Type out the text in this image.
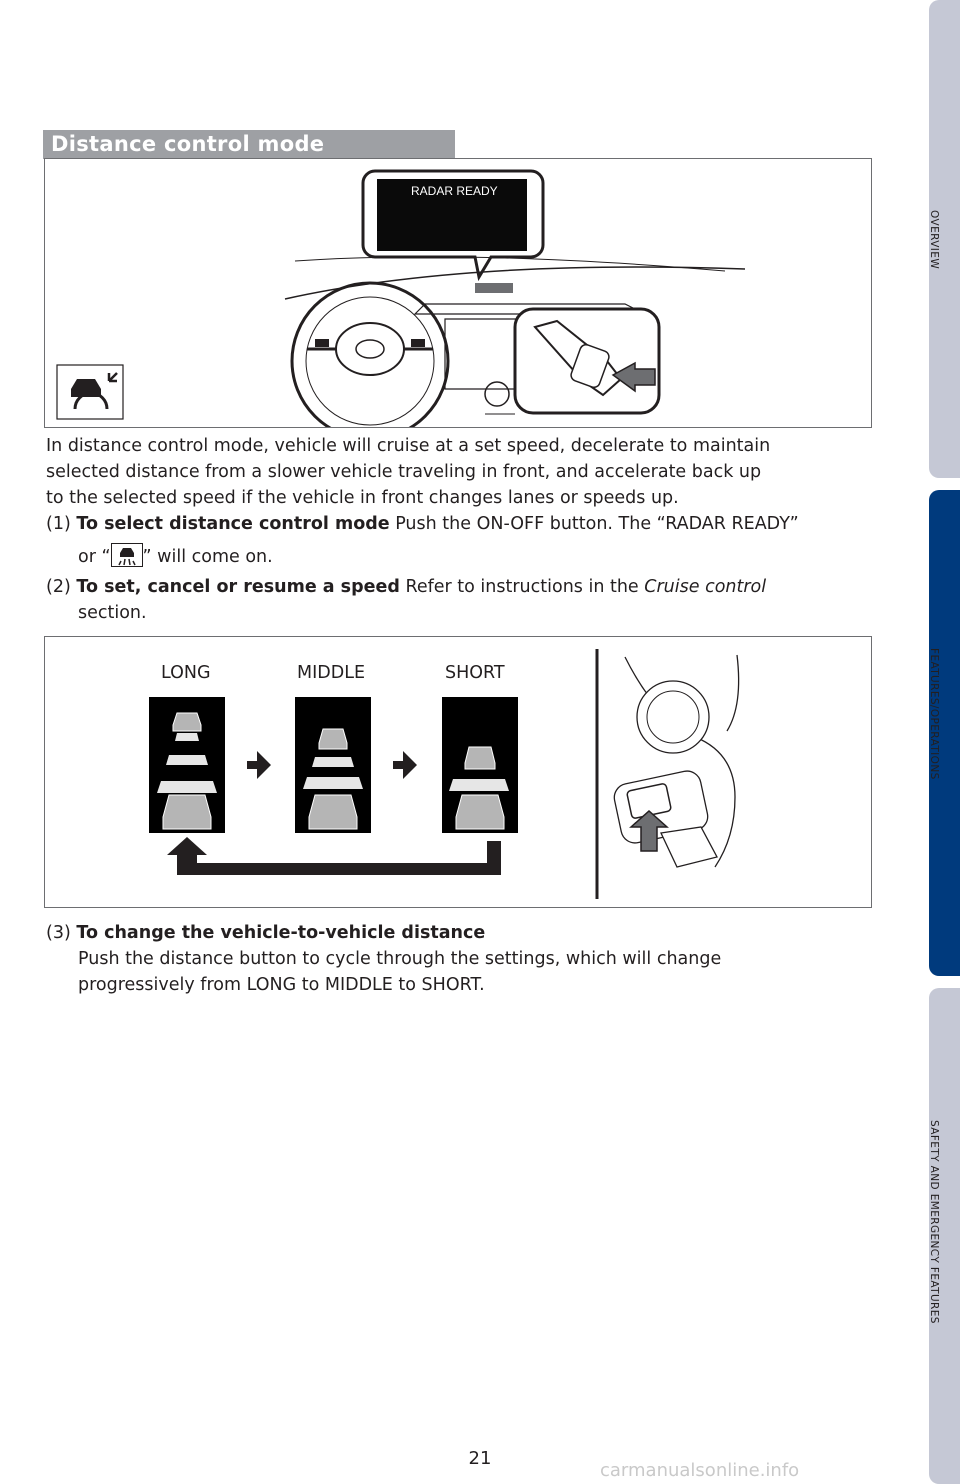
OVERVIEW
FEATURES/OPERATIONS
SAFETY AND EMERGENCY FEATURES
Distance control mode
RADAR READY
In distance control mode, vehicle will cruise at a set speed, decelerate to maintain
selected distance from a slower vehicle traveling in front, and accelerate back up
to the selected speed if the vehicle in front changes lanes or speeds up.
(1) To select distance control mode Push the ON-OFF button. The “RADAR READY”
or “ ” will come on.
(2) To set, cancel or resume a speed Refer to instructions in the Cruise control
section.
LONG	MIDDLE	SHORT
(3) To change the vehicle-to-vehicle distance
Push the distance button to cycle through the settings, which will change
progressively from LONG to MIDDLE to SHORT.
21
carmanualsonline.info
